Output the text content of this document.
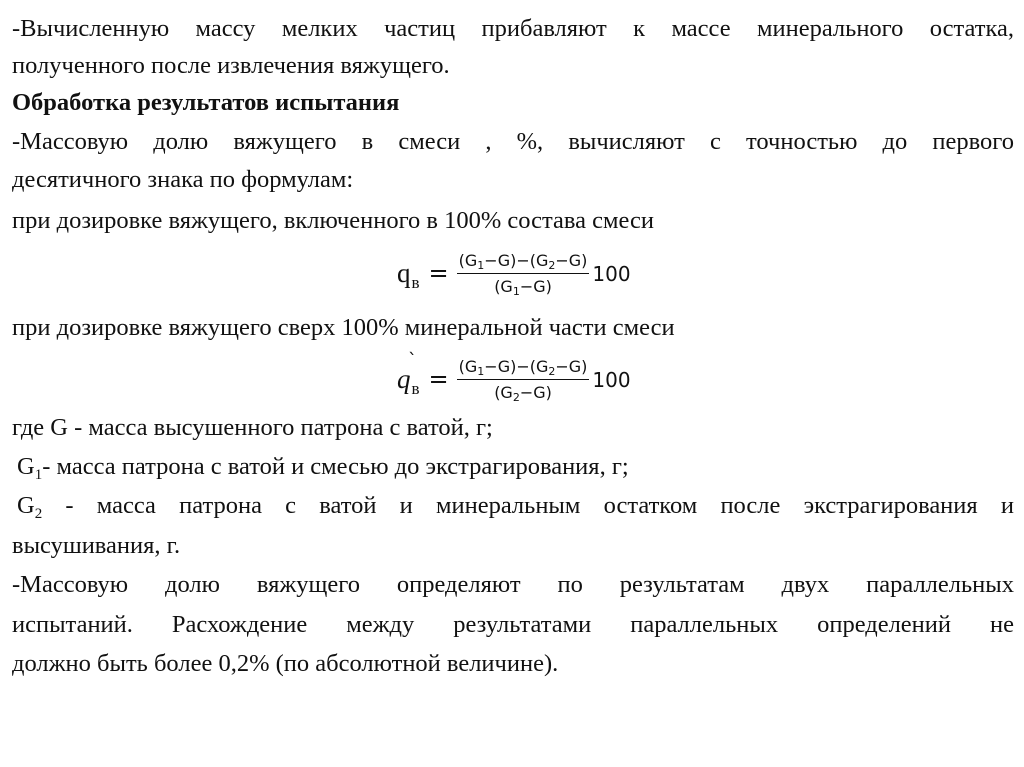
-Вычисленную массу мелких частиц прибавляют к массе минерального остатка,
полученного после извлечения вяжущего.
Обработка результатов испытания
-Массовую долю вяжущего в смеси , %, вычисляют с точностью до первого
десятичного знака по формулам:
при дозировке вяжущего, включенного в 100% состава смеси
q $в = \frac{(G_1-G)-(G_2-G)}{(G_1-G)} 100$
при дозировке вяжущего сверх 100% минеральной части смеси
q
`
$в = \frac{(G_1-G)-(G_2-G)}{(G_2-G)} 100$
где G - масса высушенного патрона с ватой, г;
$G_1-$ масса патрона с ватой и смесью до экстрагирования, г;
$G_2$ - масса патрона с ватой и минеральным остатком после экстрагирования и
высушивания, г.
-Массовую долю вяжущего определяют по результатам двух параллельных
испытаний. Расхождение между результатами параллельных определений не
должно быть более 0,2% (по абсолютной величине).
